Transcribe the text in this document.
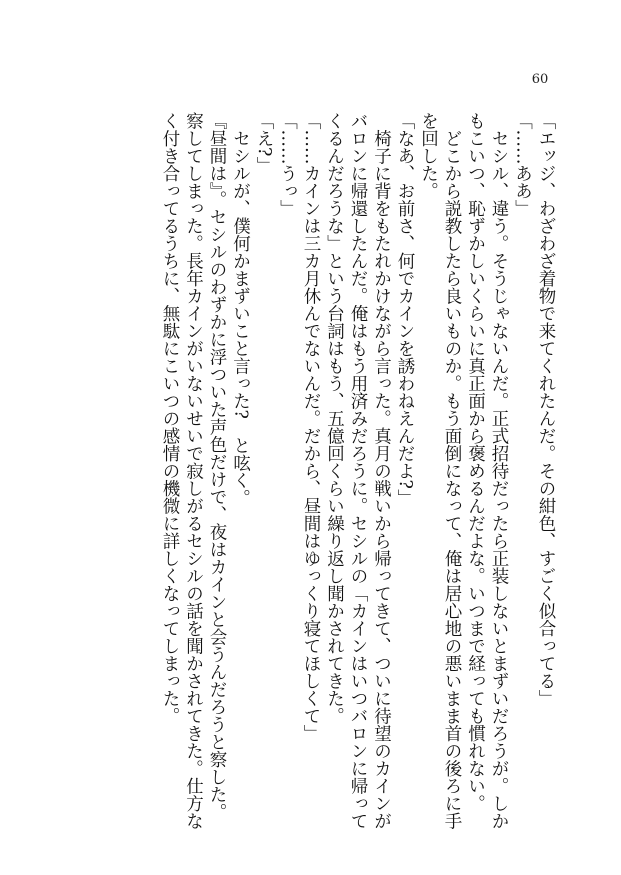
60
「エッジ、わざわざ着物で来てくれたんだ。その紺色、すごく似合ってる」
「……ああ」
　セシル、違う。そうじゃないんだ。正式招待だったら正装しないとまずいだろうが。しか
もこいつ、恥ずかしいくらいに真正面から褒めるんだよな。いつまで経っても慣れない。
　どこから説教したら良いものか。もう面倒になって、俺は居心地の悪いまま首の後ろに手
を回した。
「なあ、お前さ、何でカインを誘わねえんだよ?」
　椅子に背をもたれかけながら言った。真月の戦いから帰ってきて、ついに待望のカインが
バロンに帰還したんだ。俺はもう用済みだろうに。セシルの「カインはいつバロンに帰って
くるんだろうな」という台詞はもう、五億回くらい繰り返し聞かされてきた。
「……カインは三カ月休んでないんだ。だから、昼間はゆっくり寝てほしくて」
「……うっ」
「え?」
　セシルが、僕何かまずいこと言った?　と呟く。
『昼間は』。セシルのわずかに浮ついた声色だけで、夜はカインと会うんだろうと察した。
察してしまった。長年カインがいないせいで寂しがるセシルの話を聞かされてきた。仕方な
く付き合ってるうちに、無駄にこいつの感情の機微に詳しくなってしまった。
